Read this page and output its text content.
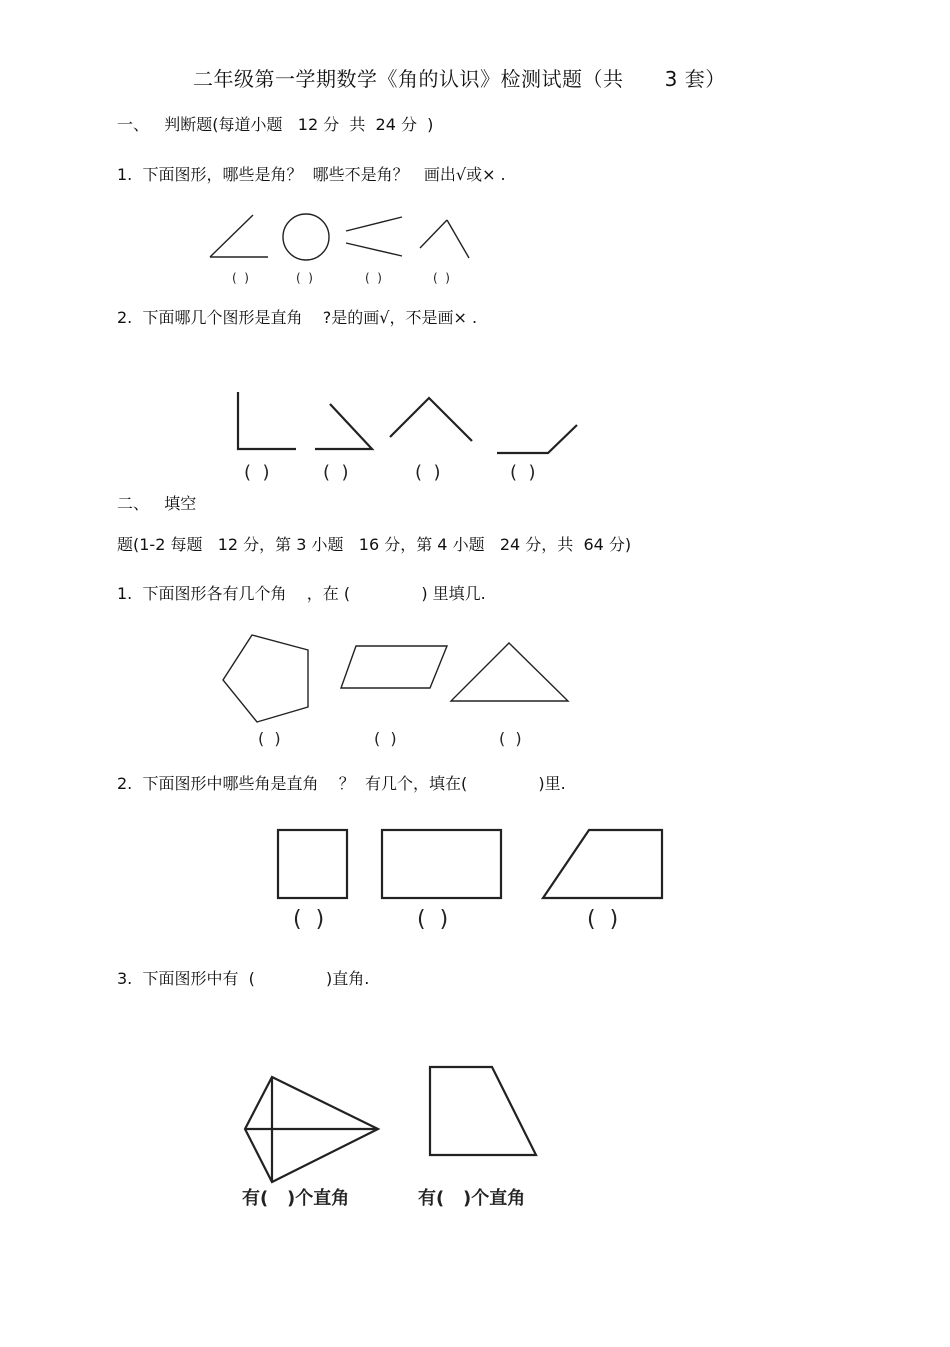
二年级第一学期数学《角的认识》检测试题（共      3 套）
一、   判断题(每道小题   12 分  共  24 分  )
1.  下面图形，哪些是角？  哪些不是角？   画出√或× .
(  )	(  )	(  )	(  )
2.  下面哪几个图形是直角    ?是的画√，不是画× .
(  )	(  )	(  )	(  )
二、   填空
题(1-2 每题   12 分，第 3 小题   16 分，第 4 小题   24 分，共  64 分)
1.  下面图形各有几个角    ，在 (              ) 里填几.
(  )	(  )	(  )
2.  下面图形中哪些角是直角    ？  有几个，填在(              )里.
(  )	(  )	(  )
3.  下面图形中有  (              )直角.
有(   )个直角	有(   )个直角
